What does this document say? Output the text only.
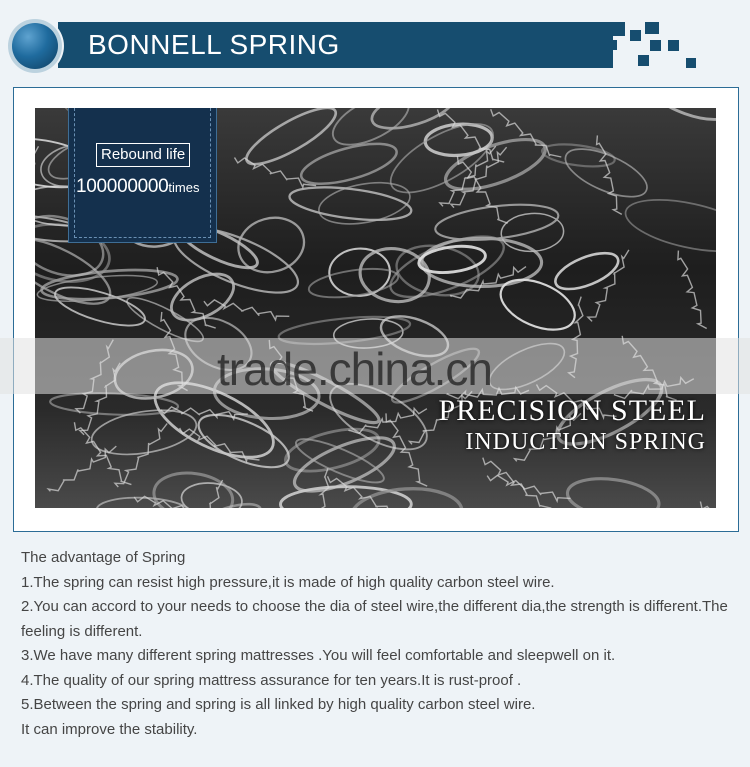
BONNELL SPRING
Rebound life
100000000times
trade.china.cn
PRECISION STEEL
INDUCTION SPRING

The advantage of Spring

1.The spring can resist high pressure,it is made of high quality carbon steel wire.

2.You can accord to your needs to choose the dia of steel wire,the different dia,the strength is different.The feeling is different.

3.We have many different spring mattresses .You will feel comfortable and sleepwell on it.

4.The quality of our spring mattress assurance for ten years.It is rust-proof .

5.Between the spring and spring is all linked by high quality carbon steel wire.

It can improve the stability.
